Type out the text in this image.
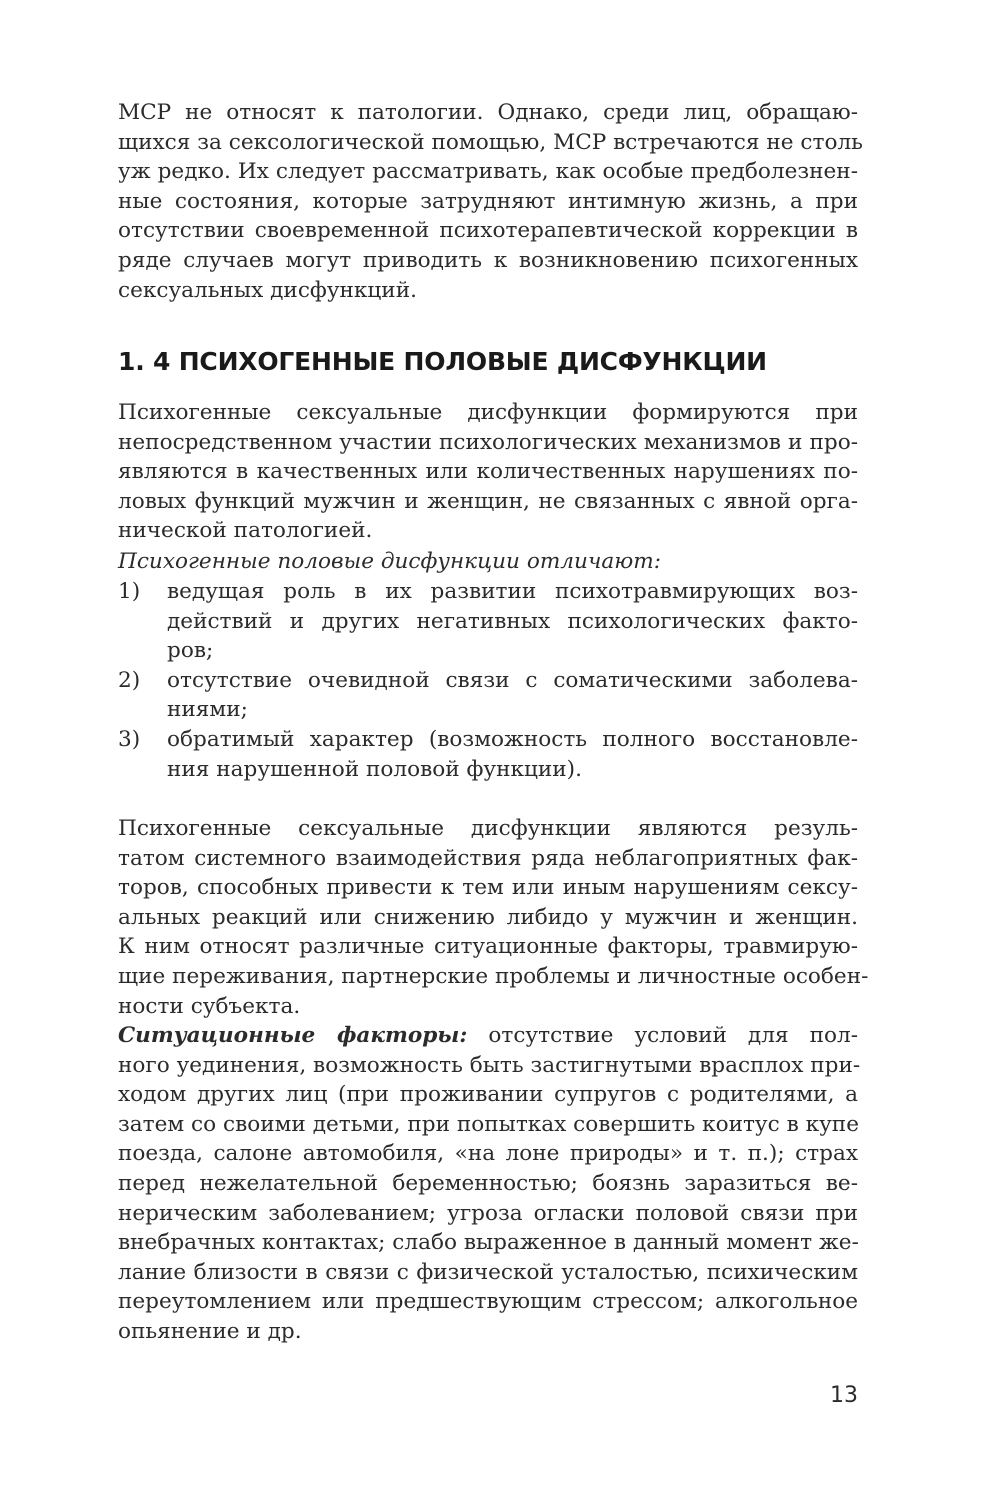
МСР не относят к патологии. Однако, среди лиц, обращаю-
щихся за сексологической помощью, МСР встречаются не столь
уж редко. Их следует рассматривать, как особые предболезнен-
ные состояния, которые затрудняют интимную жизнь, а при
отсутствии своевременной психотерапевтической коррекции в
ряде случаев могут приводить к возникновению психогенных
сексуальных дисфункций.

1. 4 ПСИХОГЕННЫЕ ПОЛОВЫЕ ДИСФУНКЦИИ

Психогенные сексуальные дисфункции формируются при
непосредственном участии психологических механизмов и про-
являются в качественных или количественных нарушениях по-
ловых функций мужчин и женщин, не связанных с явной орга-
нической патологией.

Психогенные половые дисфункции отличают:
1) ведущая роль в их развитии психотравмирующих воз-
действий и других негативных психологических факто-
ров;
2) отсутствие очевидной связи с соматическими заболева-
ниями;
3) обратимый характер (возможность полного восстановле-
ния нарушенной половой функции).

Психогенные сексуальные дисфункции являются резуль-
татом системного взаимодействия ряда неблагоприятных фак-
торов, способных привести к тем или иным нарушениям сексу-
альных реакций или снижению либидо у мужчин и женщин.
К ним относят различные ситуационные факторы, травмирую-
щие переживания, партнерские проблемы и личностные особен-
ности субъекта.

Ситуационные факторы: отсутствие условий для пол-
ного уединения, возможность быть застигнутыми врасплох при-
ходом других лиц (при проживании супругов с родителями, а
затем со своими детьми, при попытках совершить коитус в купе
поезда, салоне автомобиля, «на лоне природы» и т. п.); страх
перед нежелательной беременностью; боязнь заразиться ве-
нерическим заболеванием; угроза огласки половой связи при
внебрачных контактах; слабо выраженное в данный момент же-
лание близости в связи с физической усталостью, психическим
переутомлением или предшествующим стрессом; алкогольное
опьянение и др.

13
